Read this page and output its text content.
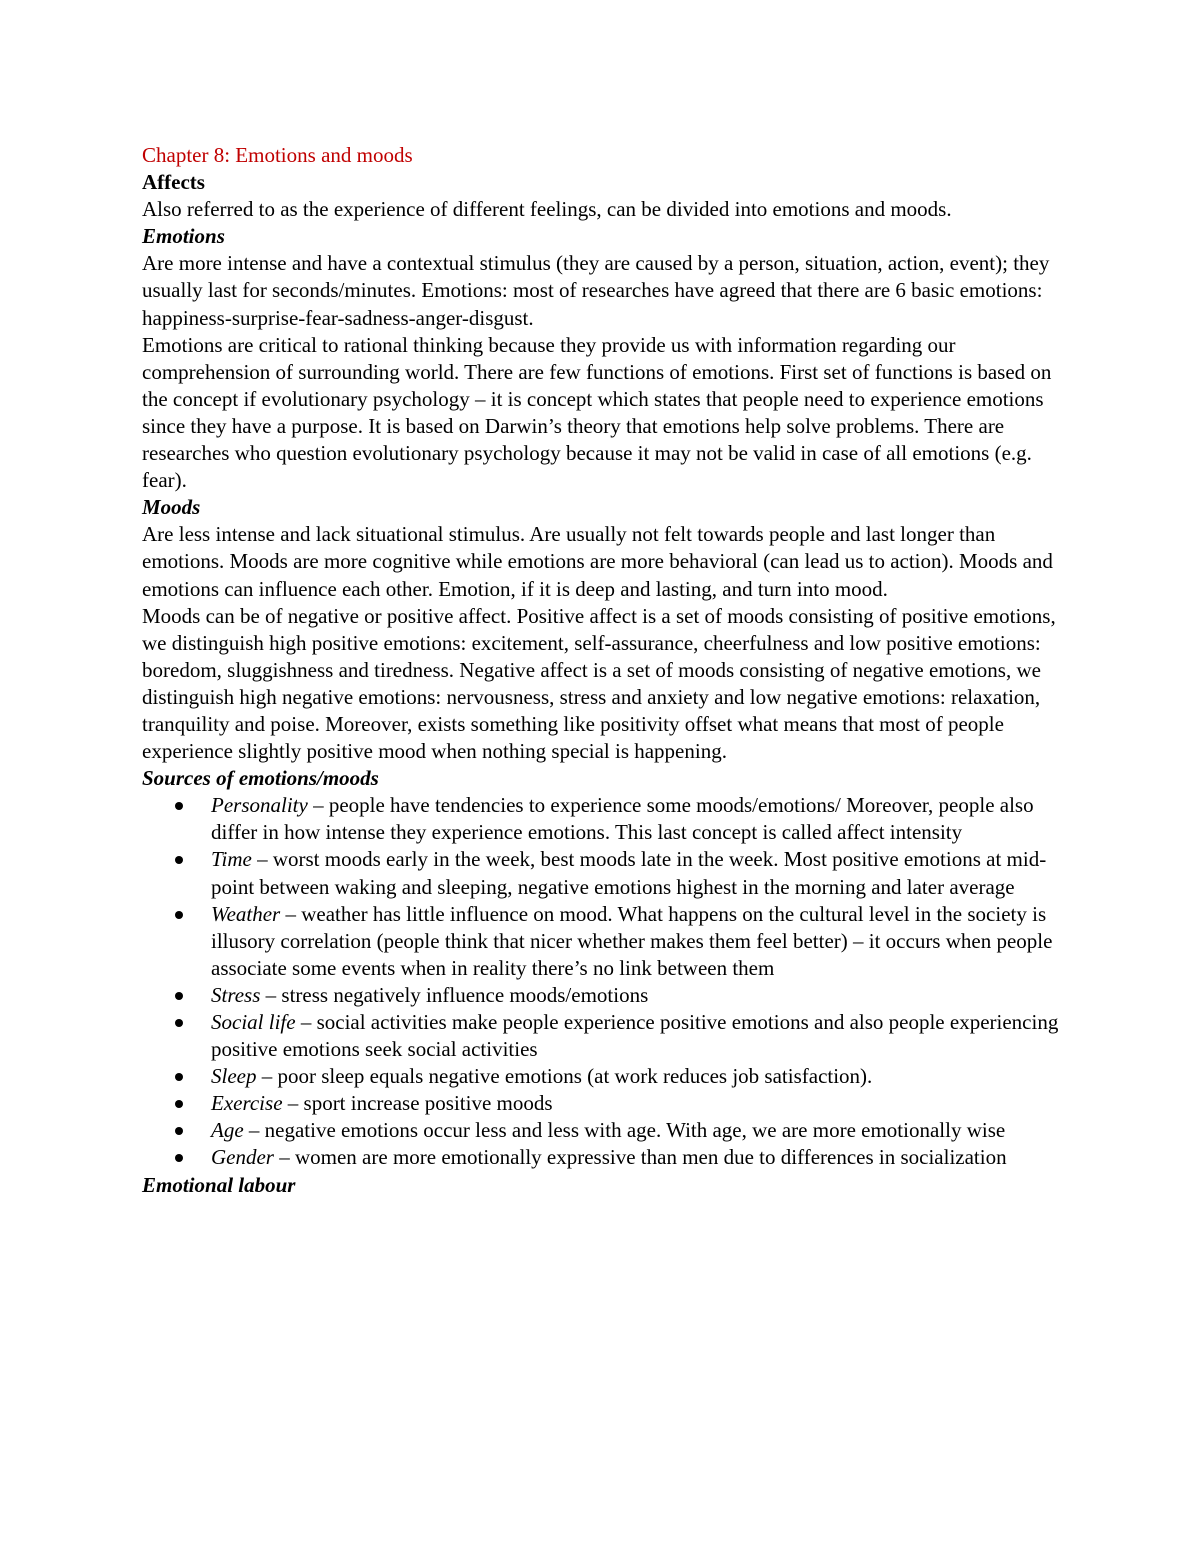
Chapter 8: Emotions and moods

Affects

Also referred to as the experience of different feelings, can be divided into emotions and moods.

Emotions

Are more intense and have a contextual stimulus (they are caused by a person, situation, action, event); they usually last for seconds/minutes. Emotions: most of researches have agreed that there are 6 basic emotions: happiness-surprise-fear-sadness-anger-disgust.

Emotions are critical to rational thinking because they provide us with information regarding our comprehension of surrounding world. There are few functions of emotions. First set of functions is based on the concept if evolutionary psychology – it is concept which states that people need to experience emotions since they have a purpose. It is based on Darwin’s theory that emotions help solve problems. There are researches who question evolutionary psychology because it may not be valid in case of all emotions (e.g. fear).

Moods

Are less intense and lack situational stimulus. Are usually not felt towards people and last longer than emotions. Moods are more cognitive while emotions are more behavioral (can lead us to action). Moods and emotions can influence each other. Emotion, if it is deep and lasting, and turn into mood.

Moods can be of negative or positive affect. Positive affect is a set of moods consisting of positive emotions, we distinguish high positive emotions: excitement, self-assurance, cheerfulness and low positive emotions: boredom, sluggishness and tiredness. Negative affect is a set of moods consisting of negative emotions, we distinguish high negative emotions: nervousness, stress and anxiety and low negative emotions: relaxation, tranquility and poise. Moreover, exists something like positivity offset what means that most of people experience slightly positive mood when nothing special is happening.

Sources of emotions/moods

Personality – people have tendencies to experience some moods/emotions/ Moreover, people also differ in how intense they experience emotions. This last concept is called affect intensity
Time – worst moods early in the week, best moods late in the week. Most positive emotions at mid-point between waking and sleeping, negative emotions highest in the morning and later average
Weather – weather has little influence on mood. What happens on the cultural level in the society is illusory correlation (people think that nicer whether makes them feel better) – it occurs when people associate some events when in reality there’s no link between them
Stress – stress negatively influence moods/emotions
Social life – social activities make people experience positive emotions and also people experiencing positive emotions seek social activities
Sleep – poor sleep equals negative emotions (at work reduces job satisfaction).
Exercise – sport increase positive moods
Age – negative emotions occur less and less with age. With age, we are more emotionally wise
Gender – women are more emotionally expressive than men due to differences in socialization

Emotional labour
